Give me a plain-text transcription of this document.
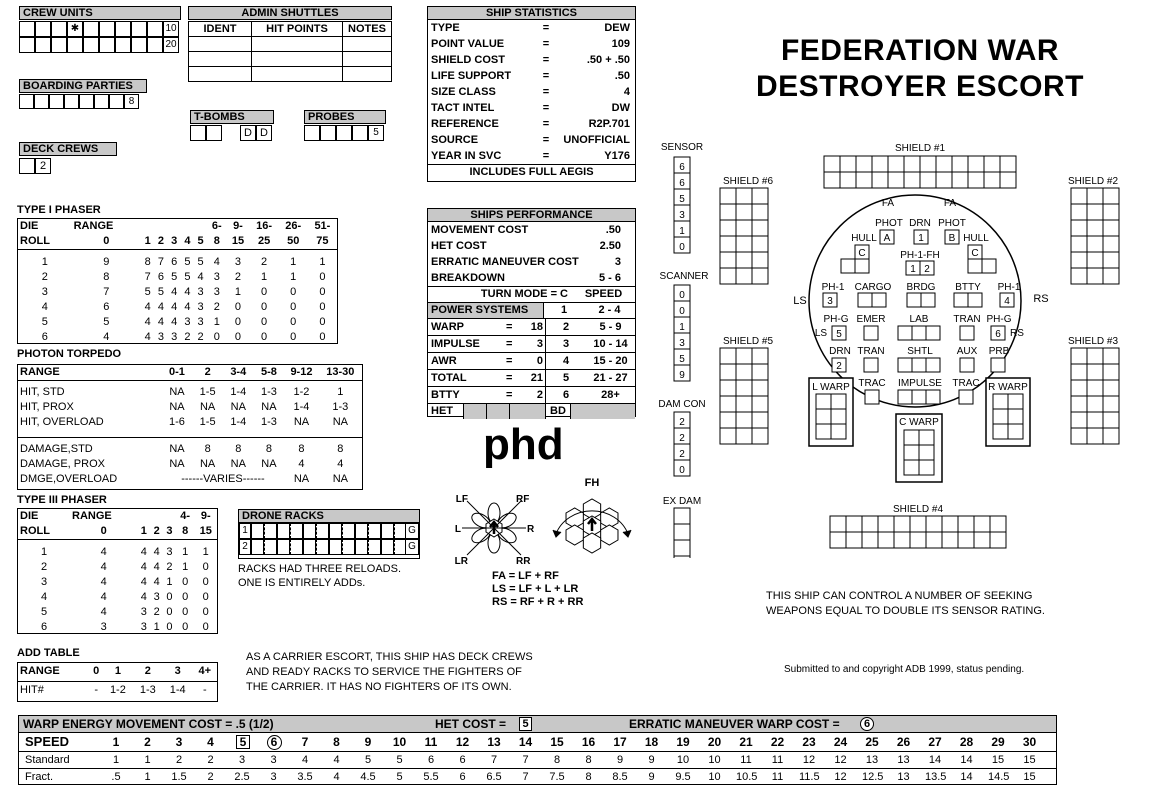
FEDERATION WAR
DESTROYER ESCORT
CREW UNITS
✱	10
20
ADMIN SHUTTLES
IDENT	HIT POINTS	NOTES

BOARDING PARTIES
8
T-BOMBS
D D
PROBES
5
DECK CREWS
2
SHIP STATISTICS
TYPE	=	DEW
POINT VALUE	=	109
SHIELD COST	=	.50 + .50
LIFE SUPPORT	=	.50
SIZE CLASS	=	4
TACT INTEL	=	DW
REFERENCE	=	R2P.701
SOURCE	=	UNOFFICIAL
YEAR IN SVC	=	Y176
INCLUDES FULL AEGIS
SHIPS PERFORMANCE
MOVEMENT COST	.50
HET COST	2.50
ERRATIC MANEUVER COST	3
BREAKDOWN	5 - 6
TURN MODE = C	SPEED
POWER SYSTEMS	1	2 - 4
WARP	=	18	2	5 - 9
IMPULSE	=	3	3	10 - 14
AWR	=	0	4	15 - 20
TOTAL	=	21	5	21 - 27
BTTY	=	2	6	28+
HET	BD
TYPE I PHASER
DIE	RANGE						6-	9-	16-	26-	51-
ROLL	0	1	2	3	4	5	8	15	25	50	75

1	9	8	7	6	5	5	4	3	2	1	1
2	8	7	6	5	5	4	3	2	1	1	0
3	7	5	5	4	4	3	3	1	0	0	0
4	6	4	4	4	4	3	2	0	0	0	0
5	5	4	4	4	3	3	1	0	0	0	0
6	4	4	3	3	2	2	0	0	0	0	0
PHOTON TORPEDO
RANGE	0-1	2	3-4	5-8	9-12	13-30

HIT, STD	NA	1-5	1-4	1-3	1-2	1
HIT, PROX	NA	NA	NA	NA	1-4	1-3
HIT, OVERLOAD	1-6	1-5	1-4	1-3	NA	NA

DAMAGE,STD	NA	8	8	8	8	8
DAMAGE, PROX	NA	NA	NA	NA	4	4
DMGE,OVERLOAD	------VARIES------				NA	NA
TYPE III PHASER
DIE	RANGE				4-	9-
ROLL	0	1	2	3	8	15

1	4	4	4	3	1	1
2	4	4	4	2	1	0
3	4	4	4	1	0	0
4	4	4	3	0	0	0
5	4	3	2	0	0	0
6	3	3	1	0	0	0
DRONE RACKS
1	G
2	G
RACKS HAD THREE RELOADS.
ONE IS ENTIRELY ADDs.
ADD TABLE
RANGE	0	1	2	3	4+
HIT#	-	1-2	1-3	1-4	-
phd
LF	RF
L	R
LR	RR
FH
FA = LF + RF
LS = LF + L + LR
RS = RF + R + RR
AS A CARRIER ESCORT, THIS SHIP HAS DECK CREWS
AND READY RACKS TO SERVICE THE FIGHTERS OF
THE CARRIER. IT HAS NO FIGHTERS OF ITS OWN.
THIS SHIP CAN CONTROL A NUMBER OF SEEKING
WEAPONS EQUAL TO DOUBLE ITS SENSOR RATING.
Submitted to and copyright ADB 1999, status pending.
SENSOR
6
6
5
3
1
0
SCANNER
0
0
1
3
5
9
DAM CON
2
2
2
0
EX DAM
SHIELD #1
SHIELD #6	SHIELD #2
SHIELD #5	SHIELD #3
SHIELD #4
FA	FA
LS	RS
PHOT DRN PHOT
HULL A	1 B HULL
C	C
PH-1-FH
1 2
PH-1
3
CARGO BRDG BTTY PH-1
4
PH-G
LS 5
EMER LAB TRAN PH-G
6 RS
DRN
2
TRAN SHTL AUX PRB
TRAC IMPULSE TRAC
L WARP	R WARP
C WARP
WARP ENERGY MOVEMENT COST = .5 (1/2)	HET COST =	5	ERRATIC MANEUVER WARP COST =	6
SPEED	1	2	3	4	5	6	7	8	9	10	11	12 13 14 15 16 17 18 19 20 21 22 23 24 25 26 27 28 29 30
Standard	1	1	2	2	3	3	4	4	5	5	6	6	7	7	8	8	9	9	10	10	11	11	12	12	13	13	14	14	15	15
Fract.	.5	1	1.5	2	2.5	3	3.5	4	4.5	5	5.5	6	6.5	7	7.5	8	8.5	9	9.5	10	10.5	11	11.5	12	12.5	13	13.5	14	14.5	15
